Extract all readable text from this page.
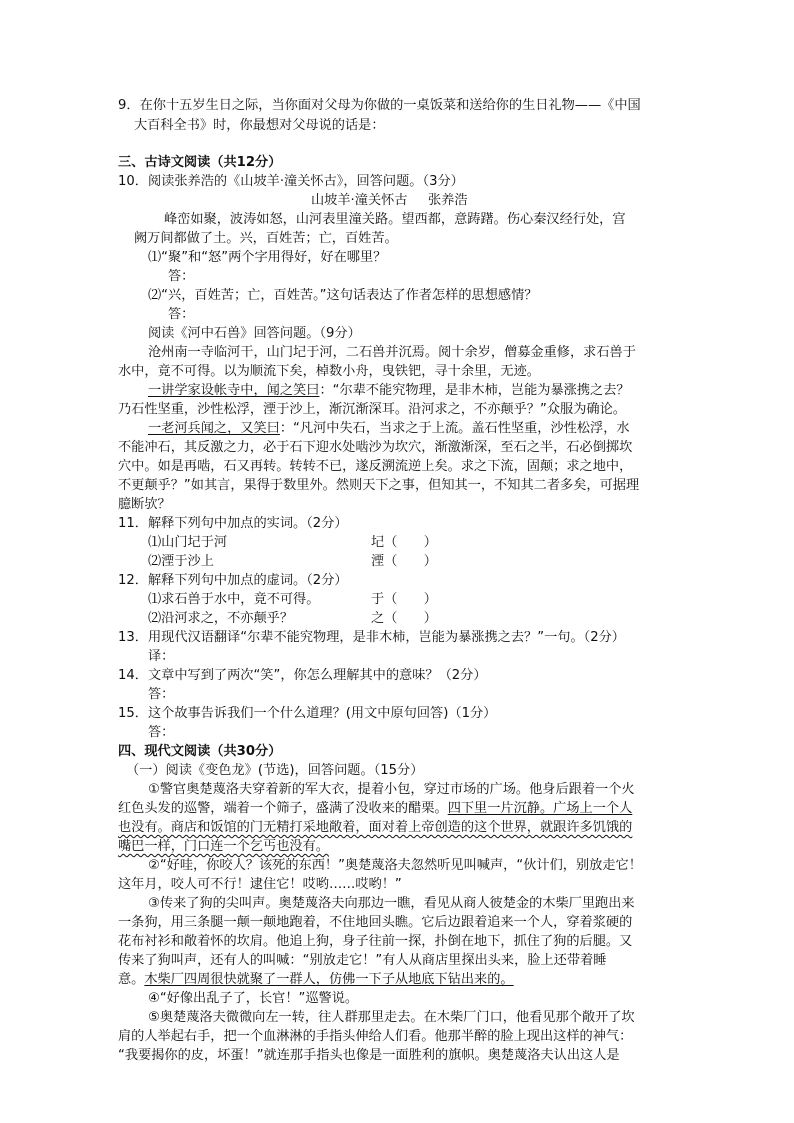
9．在你十五岁生日之际，当你面对父母为你做的一桌饭菜和送给你的生日礼物——《中国
大百科全书》时，你最想对父母说的话是：
三、古诗文阅读（共12分）
10．阅读张养浩的《山坡羊·潼关怀古》，回答问题。（3分）
山坡羊·潼关怀古 张养浩
峰峦如聚，波涛如怒，山河表里潼关路。望西都，意踌躇。伤心秦汉经行处，宫
阙万间都做了土。兴，百姓苦；亡，百姓苦。
⑴“聚”和“怒”两个字用得好，好在哪里？
答：
⑵“兴，百姓苦；亡，百姓苦。”这句话表达了作者怎样的思想感情？
答：
阅读《河中石兽》回答问题。（9分）
沧州南一寺临河干，山门圮于河，二石兽并沉焉。阅十余岁，僧募金重修，求石兽于
水中，竟不可得。以为顺流下矣，棹数小舟，曳铁钯，寻十余里，无迹。
一讲学家设帐寺中，闻之笑曰：“尔辈不能究物理，是非木柿，岂能为暴涨携之去？
乃石性坚重，沙性松浮，湮于沙上，渐沉渐深耳。沿河求之，不亦颠乎？”众服为确论。
一老河兵闻之，又笑曰：“凡河中失石，当求之于上流。盖石性坚重，沙性松浮，水
不能冲石，其反激之力，必于石下迎水处啮沙为坎穴，渐激渐深，至石之半，石必倒掷坎
穴中。如是再啮，石又再转。转转不已，遂反溯流逆上矣。求之下流，固颠；求之地中，
不更颠乎？”如其言，果得于数里外。然则天下之事，但知其一，不知其二者多矣，可据理
臆断欤？
11．解释下列句中加点的实词。（2分）
⑴山门圮于河	圮（　　）
⑵湮于沙上	湮（　　）
12．解释下列句中加点的虚词。（2分）
⑴求石兽于水中，竟不可得。	于（　　）
⑵沿河求之，不亦颠乎？	之（　　）
13．用现代汉语翻译“尔辈不能究物理，是非木柿，岂能为暴涨携之去？”一句。（2分）
译：
14．文章中写到了两次“笑”，你怎么理解其中的意味？（2分）
答：
15．这个故事告诉我们一个什么道理？(用文中原句回答)（1分）
答：
四、现代文阅读（共30分）
（一）阅读《变色龙》(节选)，回答问题。（15分）
①警官奥楚蔑洛夫穿着新的军大衣，提着小包，穿过市场的广场。他身后跟着一个火
红色头发的巡警，端着一个筛子，盛满了没收来的醋栗。四下里一片沉静。广场上一个人
也没有。商店和饭馆的门无精打采地敞着，面对着上帝创造的这个世界，就跟许多饥饿的
嘴巴一样，门口连一个乞丐也没有。
②“好哇，你咬人？该死的东西！”奥楚蔑洛夫忽然听见叫喊声，“伙计们，别放走它！
这年月，咬人可不行！逮住它！哎哟……哎哟！”
③传来了狗的尖叫声。奥楚蔑洛夫向那边一瞧，看见从商人彼楚金的木柴厂里跑出来
一条狗，用三条腿一颠一颠地跑着，不住地回头瞧。它后边跟着追来一个人，穿着浆硬的
花布衬衫和敞着怀的坎肩。他追上狗，身子往前一探，扑倒在地下，抓住了狗的后腿。又
传来了狗叫声，还有人的叫喊：“别放走它！”有人从商店里探出头来，脸上还带着睡
意。木柴厂四周很快就聚了一群人，仿佛一下子从地底下钻出来的。
④“好像出乱子了，长官！”巡警说。
⑤奥楚蔑洛夫微微向左一转，往人群那里走去。在木柴厂门口，他看见那个敞开了坎
肩的人举起右手，把一个血淋淋的手指头伸给人们看。他那半醉的脸上现出这样的神气：
“我要揭你的皮，坏蛋！”就连那手指头也像是一面胜利的旗帜。奥楚蔑洛夫认出这人是
